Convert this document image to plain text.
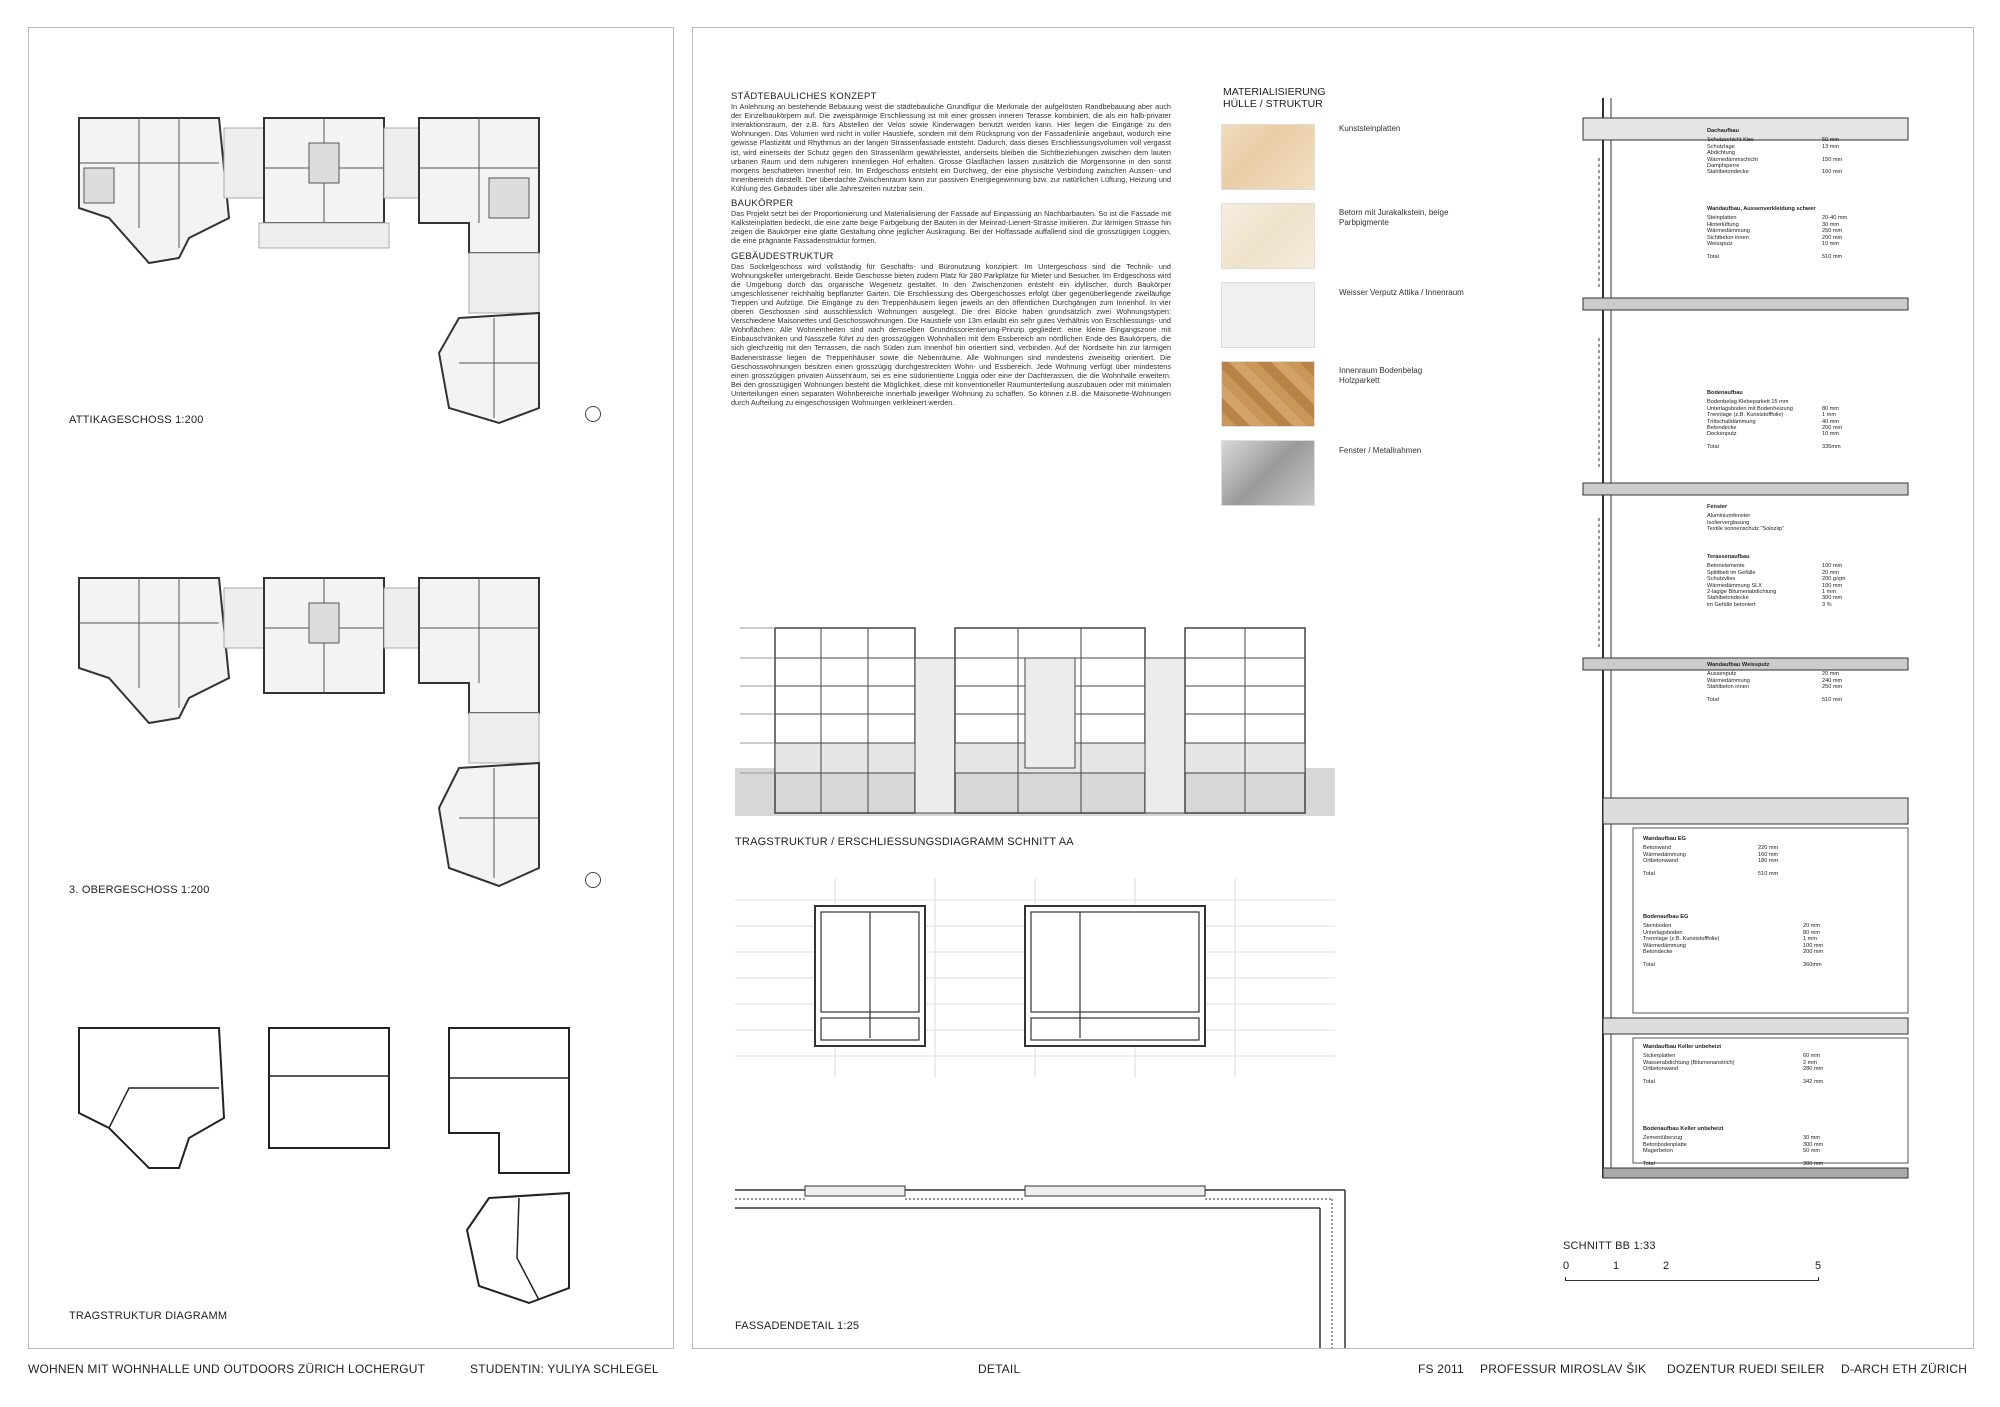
ATTIKAGESCHOSS 1:200
3. OBERGESCHOSS 1:200
TRAGSTRUKTUR DIAGRAMM
STÄDTEBAULICHES KONZEPT

In Anlehnung an bestehende Bebauung weist die städtebauliche Grundfigur die Merkmale der aufgelösten Randbebauung aber auch der Einzelbaukörpern auf. Die zweispännige Erschliessung ist mit einer grossen inneren Terasse kombiniert, die als ein halb-privater Interaktionsraum, der z.B. fürs Abstellen der Velos sowie Kinderwagen benutzt werden kann. Hier liegen die Eingänge zu den Wohnungen. Das Volumen wird nicht in voller Haustiefe, sondern mit dem Rücksprung von der Fassadenlinie angebaut, wodurch eine gewisse Plastizität und Rhythmus an der langen Strassenfassade entsteht. Dadurch, dass dieses Erschliessungsvolumen voll vergasst ist, wird einerseits der Schutz gegen den Strassenlärm gewährleistet, anderseits bleiben die Sichtbeziehungen zwischen dem lauten urbanen Raum und dem ruhigeren innenliegen Hof erhalten. Grosse Glasflächen lassen zusätzlich die Morgensonne in den sonst morgens beschatteten Innenhof rein. Im Erdgeschoss entsteht ein Durchweg, der eine physische Verbindung zwischen Aussen- und Innenbereich darstellt. Der überdachte Zwischenraum kann zur passiven Energiegewinnung bzw. zur natürlichen Lüftung, Heizung und Kühlung des Gebäudes über alle Jahreszeiten nutzbar sein.

BAUKÖRPER

Das Projekt setzt bei der Proportionierung und Materialisierung der Fassade auf Einpassung an Nachbarbauten. So ist die Fassade mit Kalksteinplatten bedeckt, die eine zarte beige Farbgebung der Bauten in der Meinrad-Lienert-Strasse imitieren. Zur lärmigen Strasse hin zeigen die Baukörper eine glatte Gestaltung ohne jeglicher Auskragung. Bei der Hoffassade auffallend sind die grosszügigen Loggien, die eine prägnante Fassadenstruktur formen.

GEBÄUDESTRUKTUR

Das Sockelgeschoss wird vollständig für Geschäfts- und Büronutzung konzipiert. Im Untergeschoss sind die Technik- und Wohnungskeller untergebracht. Beide Geschosse bieten zudem Platz für 280 Parkplätze für Mieter und Besucher. Im Erdgeschoss wird die Umgebung durch das organische Wegenetz gestaltet. In den Zwischenzonen entsteht ein idyllischer, durch Baukörper umgeschlossener reichhaltig bepflanzter Garten. Die Erschliessung des Obergeschosses erfolgt über gegenüberliegende zweiläufige Treppen und Aufzüge. Die Eingänge zu den Treppenhäusern liegen jeweils an den öffentlichen Durchgängen zum Innenhof. In vier oberen Geschossen sind ausschliesslich Wohnungen ausgelegt. Die drei Blöcke haben grundsätzlich zwei Wohnungstypen: Verschiedene Maisonettes und Geschosswohnungen. Die Haustiefe von 13m erlaubt ein sehr gutes Verhältnis von Erschliessungs- und Wohnflächen: Alle Wohneinheiten sind nach demselben Grundrissorientierung-Prinzip gegliedert: eine kleine Eingangszone mit Einbauschränken und Nasszelle führt zu den grosszügigen Wohnhallen mit dem Essbereich am nördlichen Ende des Baukörpers, die sich gleichzeitig mit den Terrassen, die nach Süden zum Innenhof hin orientiert sind, verbinden. Auf der Nordseite hin zur lärmigen Badenerstrasse liegen die Treppenhäuser sowie die Nebenräume. Alle Wohnungen sind mindestens zweiseitig orientiert. Die Geschosswohnungen besitzen einen grosszügig durchgestreckten Wohn- und Essbereich. Jede Wohnung verfügt über mindestens einen grosszügigen privaten Aussenraum, sei es eine südorientierte Loggia oder eine der Dachterassen, die die Wohnhalle erweitern. Bei den grosszügigen Wohnungen besteht die Möglichkeit, diese mit konventioneller Raumunterteilung auszubauen oder mit minimalen Unterteilungen einen separaten Wohnbereiche innerhalb jeweiliger Wohnung zu schaffen. So können z.B. die Maisonette-Wohnungen durch Aufteilung zu eingeschossigen Wohnungen verkleinert werden.

MATERIALISIERUNG
HÜLLE / STRUKTUR
Kunststeinplatten
Betorn mit Jurakalkstein, beige Parbpigmente
Weisser Verputz Attika / Innenraum
Innenraum Bodenbelag Holzparkett
Fenster / Metallrahmen
TRAGSTRUKTUR / ERSCHLIESSUNGSDIAGRAMM SCHNITT AA
FASSADENDETAIL 1:25
Dachaufbau
Schutzschicht Kies	50 mm
Schutzlage	13 mm
Abdichtung
Wärmedämmschicht	150 mm
Dampfsperre
Stahlbetondecke	160 mm
Wandaufbau, Aussenverkleidung schwer
Steinplatten	20-40 mm
Hinterlüftung	30 mm
Wärmedämmung	250 mm
Sichtbeton innen	200 mm
Weissputz	10 mm

Total	510 mm
Bodenaufbau
Bodenbelag Klebeparkett 15 mm
Unterlagsboden mit Bodenheizung	80 mm
Trennlage (z.B. Kunststofffolie)	1 mm
Trittschalldämmung	40 mm
Betondecke	200 mm
Deckenputz	10 mm

Total	335mm
Fenster
Aluminiumfenster
Isolierverglasung
Textile sonnenschutz "Soloziip"
Terassenaufbau
Betonelemente	100 mm
Splittbett im Gefälle	20 mm
Schutzvlies	200 g/qm
Wärmedämmung SLX	100 mm
2-lagige Bitumenabdichtung	1 mm
Stahlbetondecke	300 mm
im Gefälle betoniert	3 %
Wandaufbau Weissputz
Aussenputz	20 mm
Wärmedämmung	240 mm
Stahlbeton innen	250 mm

Total	510 mm
Wandaufbau EG
Betonwand	220 mm
Wärmedämmung	160 mm
Ortbetonwand	180 mm

Total	510 mm
Bodenaufbau EG
Steinboden	20 mm
Unterlagsboden	80 mm
Trennlage (z.B. Kunststofffolie)	1 mm
Wärmedämmung	100 mm
Betondecke	200 mm

Total	360mm
Wandaufbau Keller unbeheizt
Sickerplatten	60 mm
Wasserabdichtung (Bitumenanstrich)	2 mm
Ortbetonwand	280 mm

Total	342 mm
Bodenaufbau Keller unbeheizt
Zementüberzug	30 mm
Betonbodenplatte	300 mm
Magerbeton	50 mm

Total	380 mm
SCHNITT BB 1:33
0	1	2	5
WOHNEN MIT WOHNHALLE UND OUTDOORS ZÜRICH LOCHERGUT	STUDENTIN: YULIYA SCHLEGEL	DETAIL	FS 2011 PROFESSUR MIROSLAV ŠIK DOZENTUR RUEDI SEILER D-ARCH ETH ZÜRICH
